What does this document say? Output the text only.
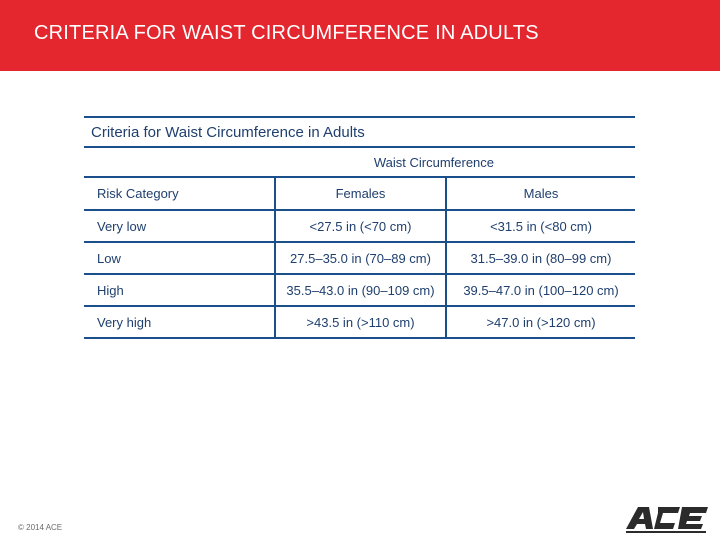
CRITERIA FOR WAIST CIRCUMFERENCE IN ADULTS
Criteria for Waist Circumference in Adults
Waist Circumference		
Risk Category	Females	Males
Very low	<27.5 in (<70 cm)	<31.5 in (<80 cm)
Low	27.5–35.0 in (70–89 cm)	31.5–39.0 in (80–99 cm)
High	35.5–43.0 in (90–109 cm)	39.5–47.0 in (100–120 cm)
Very high	>43.5 in (>110 cm)	>47.0 in (>120 cm)
© 2014 ACE
